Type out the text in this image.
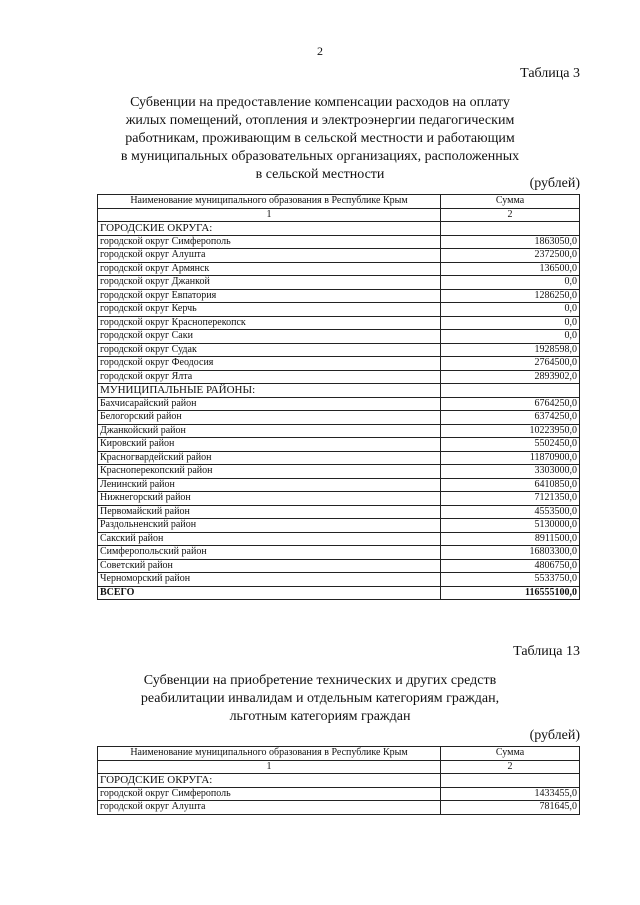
2
Таблица 3
Субвенции на предоставление компенсации расходов на оплату
жилых помещений, отопления и электроэнергии педагогическим
работникам, проживающим в сельской местности и работающим
в муниципальных образовательных организациях, расположенных
в сельской местности
(рублей)
Наименование муниципального образования в Республике Крым	Сумма
1	2
ГОРОДСКИЕ ОКРУГА:	
городской округ Симферополь	1863050,0
городской округ Алушта	2372500,0
городской округ Армянск	136500,0
городской округ Джанкой	0,0
городской округ Евпатория	1286250,0
городской округ Керчь	0,0
городской округ Красноперекопск	0,0
городской округ Саки	0,0
городской округ Судак	1928598,0
городской округ Феодосия	2764500,0
городской округ Ялта	2893902,0
МУНИЦИПАЛЬНЫЕ РАЙОНЫ:	
Бахчисарайский район	6764250,0
Белогорский район	6374250,0
Джанкойский район	10223950,0
Кировский район	5502450,0
Красногвардейский район	11870900,0
Красноперекопский район	3303000,0
Ленинский район	6410850,0
Нижнегорский район	7121350,0
Первомайский район	4553500,0
Раздольненский район	5130000,0
Сакский район	8911500,0
Симферопольский район	16803300,0
Советский район	4806750,0
Черноморский район	5533750,0
ВСЕГО	116555100,0
Таблица 13
Субвенции на приобретение технических и других средств
реабилитации инвалидам и отдельным категориям граждан,
льготным категориям граждан
(рублей)
Наименование муниципального образования в Республике Крым	Сумма
1	2
ГОРОДСКИЕ ОКРУГА:	
городской округ Симферополь	1433455,0
городской округ Алушта	781645,0
